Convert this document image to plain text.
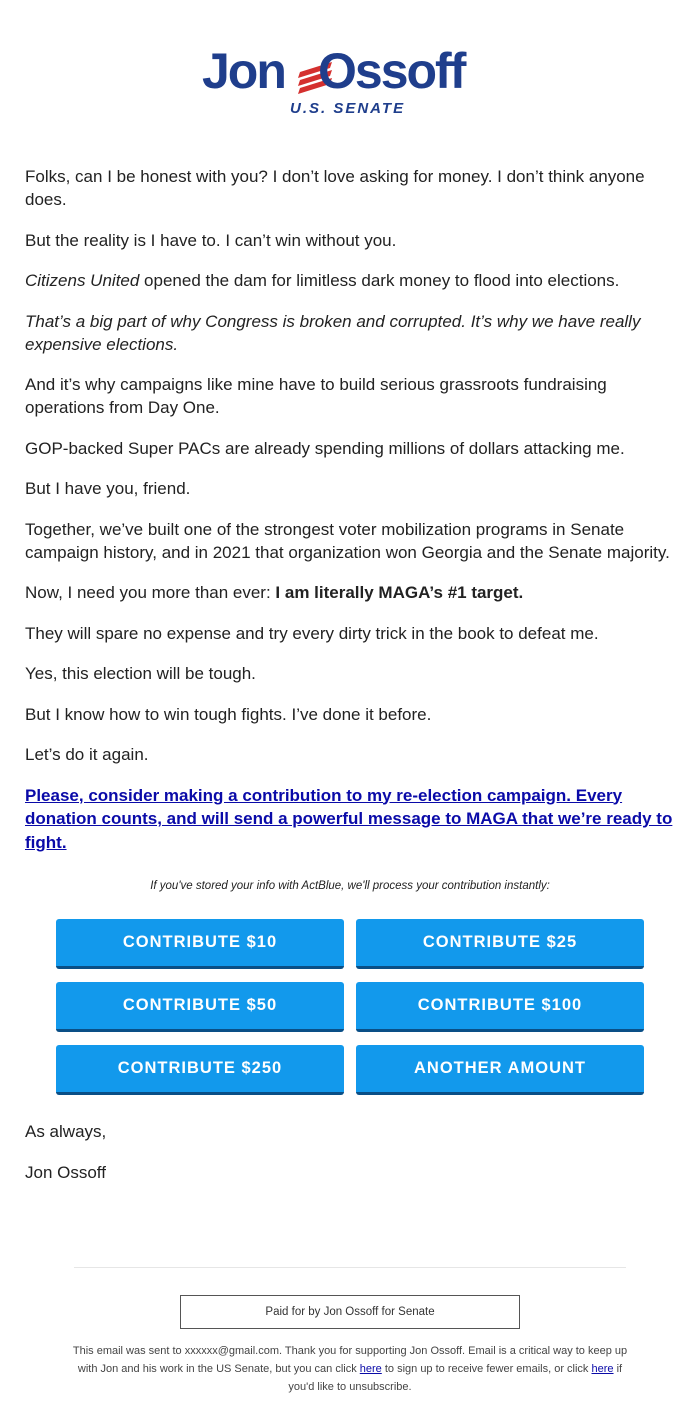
Jon Ossoff
U.S. SENATE

Folks, can I be honest with you? I don’t love asking for money. I don’t think anyone does.

But the reality is I have to. I can’t win without you.

Citizens United opened the dam for limitless dark money to flood into elections.

That’s a big part of why Congress is broken and corrupted. It’s why we have really expensive elections.

And it’s why campaigns like mine have to build serious grassroots fundraising operations from Day One.

GOP-backed Super PACs are already spending millions of dollars attacking me.

But I have you, friend.

Together, we’ve built one of the strongest voter mobilization programs in Senate campaign history, and in 2021 that organization won Georgia and the Senate majority.

Now, I need you more than ever: I am literally MAGA’s #1 target.

They will spare no expense and try every dirty trick in the book to defeat me.

Yes, this election will be tough.

But I know how to win tough fights. I’ve done it before.

Let’s do it again.

Please, consider making a contribution to my re-election campaign. Every donation counts, and will send a powerful message to MAGA that we’re ready to fight.

If you've stored your info with ActBlue, we'll process your contribution instantly:
CONTRIBUTE $10	CONTRIBUTE $25
CONTRIBUTE $50	CONTRIBUTE $100
CONTRIBUTE $250	ANOTHER AMOUNT

As always,

Jon Ossoff

Paid for by Jon Ossoff for Senate
This email was sent to xxxxxx@gmail.com. Thank you for supporting Jon Ossoff. Email is a critical way to keep up with Jon and his work in the US Senate, but you can click here to sign up to receive fewer emails, or click here if you'd like to unsubscribe.
